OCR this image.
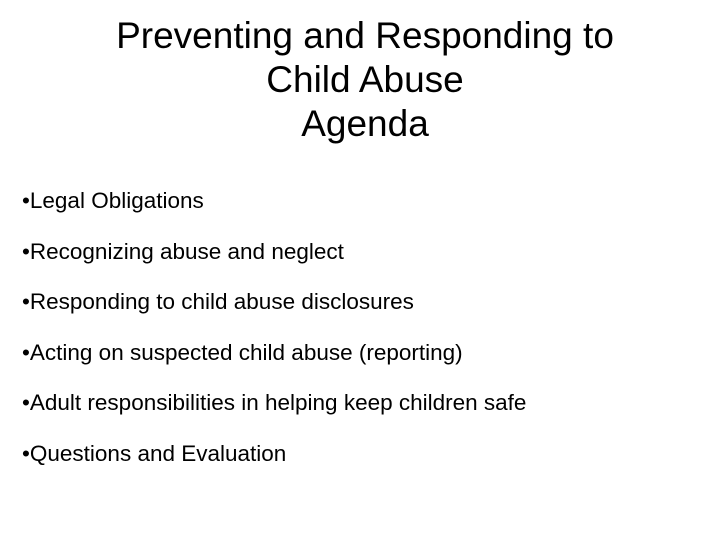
Preventing and Responding to
Child Abuse
Agenda
•Legal Obligations
•Recognizing abuse and neglect
•Responding to child abuse disclosures
•Acting on suspected child abuse (reporting)
•Adult responsibilities in helping keep children safe
•Questions and Evaluation
